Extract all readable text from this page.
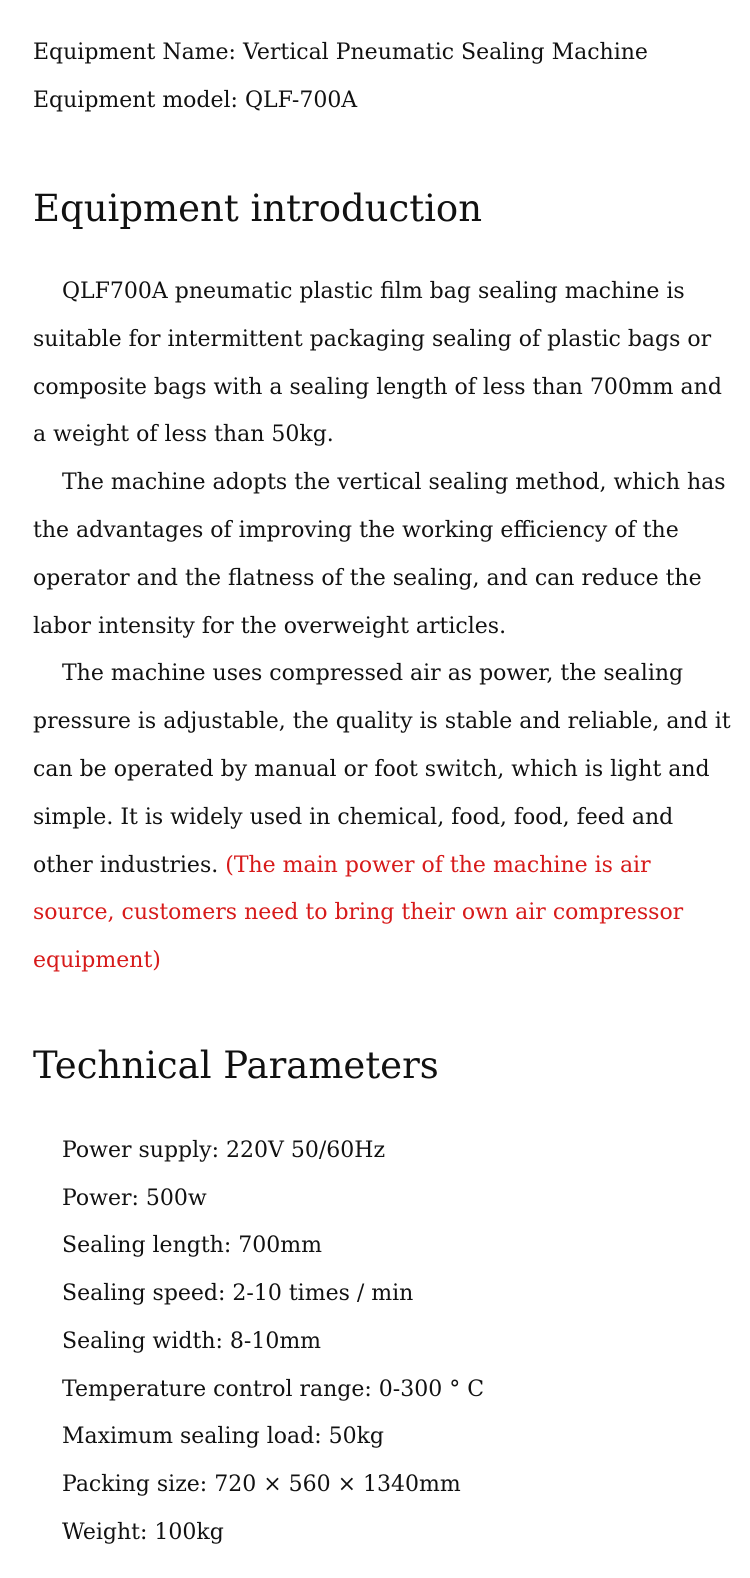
Equipment Name: Vertical Pneumatic Sealing Machine
Equipment model: QLF-700A
Equipment introduction

QLF700A pneumatic plastic film bag sealing machine is suitable for intermittent packaging sealing of plastic bags or composite bags with a sealing length of less than 700mm and a weight of less than 50kg.

The machine adopts the vertical sealing method, which has the advantages of improving the working efficiency of the operator and the flatness of the sealing, and can reduce the labor intensity for the overweight articles.

The machine uses compressed air as power, the sealing pressure is adjustable, the quality is stable and reliable, and it can be operated by manual or foot switch, which is light and simple. It is widely used in chemical, food, food, feed and other industries. (The main power of the machine is air source, customers need to bring their own air compressor equipment)

Technical Parameters
Power supply: 220V 50/60Hz
Power: 500w
Sealing length: 700mm
Sealing speed: 2-10 times / min
Sealing width: 8-10mm
Temperature control range: 0-300 ° C
Maximum sealing load: 50kg
Packing size: 720 × 560 × 1340mm
Weight: 100kg
